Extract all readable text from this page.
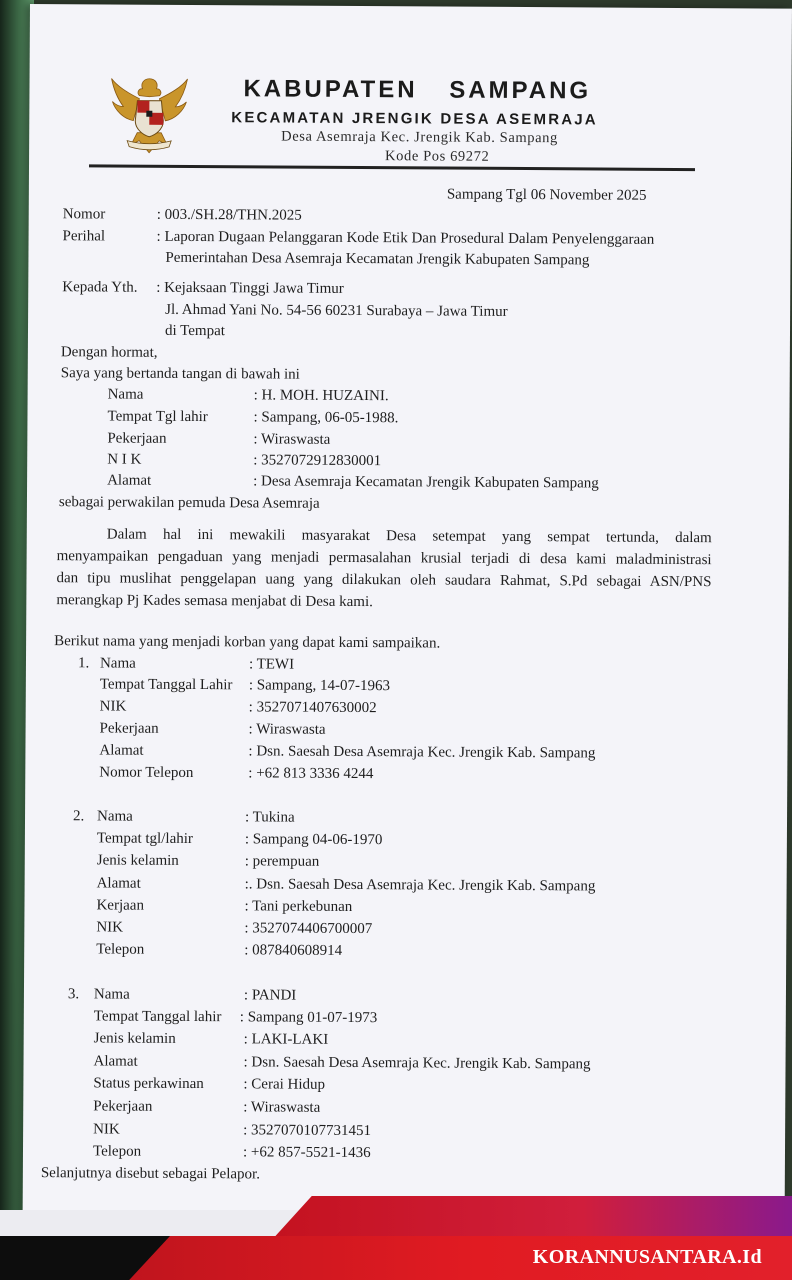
KABUPATEN SAMPANG
KECAMATAN JRENGIK DESA ASEMRAJA
Desa Asemraja Kec. Jrengik Kab. Sampang
Kode Pos 69272
Sampang Tgl 06 November 2025
Nomor	: 003./SH.28/THN.2025
Perihal	: Laporan Dugaan Pelanggaran Kode Etik Dan Prosedural Dalam Penyelenggaraan
Pemerintahan Desa Asemraja Kecamatan Jrengik Kabupaten Sampang
Kepada Yth. : Kejaksaan Tinggi Jawa Timur
Jl. Ahmad Yani No. 54-56 60231 Surabaya – Jawa Timur
di Tempat
Dengan hormat,
Saya yang bertanda tangan di bawah ini
Nama	: H. MOH. HUZAINI.
Tempat Tgl lahir	: Sampang, 06-05-1988.
Pekerjaan	: Wiraswasta
N I K	: 3527072912830001
Alamat	: Desa Asemraja Kecamatan Jrengik Kabupaten Sampang
sebagai perwakilan pemuda Desa Asemraja
Dalam hal ini mewakili masyarakat Desa setempat yang sempat tertunda, dalam
menyampaikan pengaduan yang menjadi permasalahan krusial terjadi di desa kami maladministrasi
dan tipu muslihat penggelapan uang yang dilakukan oleh saudara Rahmat, S.Pd sebagai ASN/PNS
merangkap Pj Kades semasa menjabat di Desa kami.
Berikut nama yang menjadi korban yang dapat kami sampaikan.
1. Nama	: TEWI
Tempat Tanggal Lahir : Sampang, 14-07-1963
NIK	: 3527071407630002
Pekerjaan	: Wiraswasta
Alamat	: Dsn. Saesah Desa Asemraja Kec. Jrengik Kab. Sampang
Nomor Telepon	: +62 813 3336 4244
2. Nama	: Tukina
Tempat tgl/lahir	: Sampang 04-06-1970
Jenis kelamin	: perempuan
Alamat	:. Dsn. Saesah Desa Asemraja Kec. Jrengik Kab. Sampang
Kerjaan	: Tani perkebunan
NIK	: 3527074406700007
Telepon	: 087840608914
3. Nama	: PANDI
Tempat Tanggal lahir : Sampang 01-07-1973
Jenis kelamin	: LAKI-LAKI
Alamat	: Dsn. Saesah Desa Asemraja Kec. Jrengik Kab. Sampang
Status perkawinan	: Cerai Hidup
Pekerjaan	: Wiraswasta
NIK	: 3527070107731451
Telepon	: +62 857-5521-1436
Selanjutnya disebut sebagai Pelapor.
KORANNUSANTARA.Id
